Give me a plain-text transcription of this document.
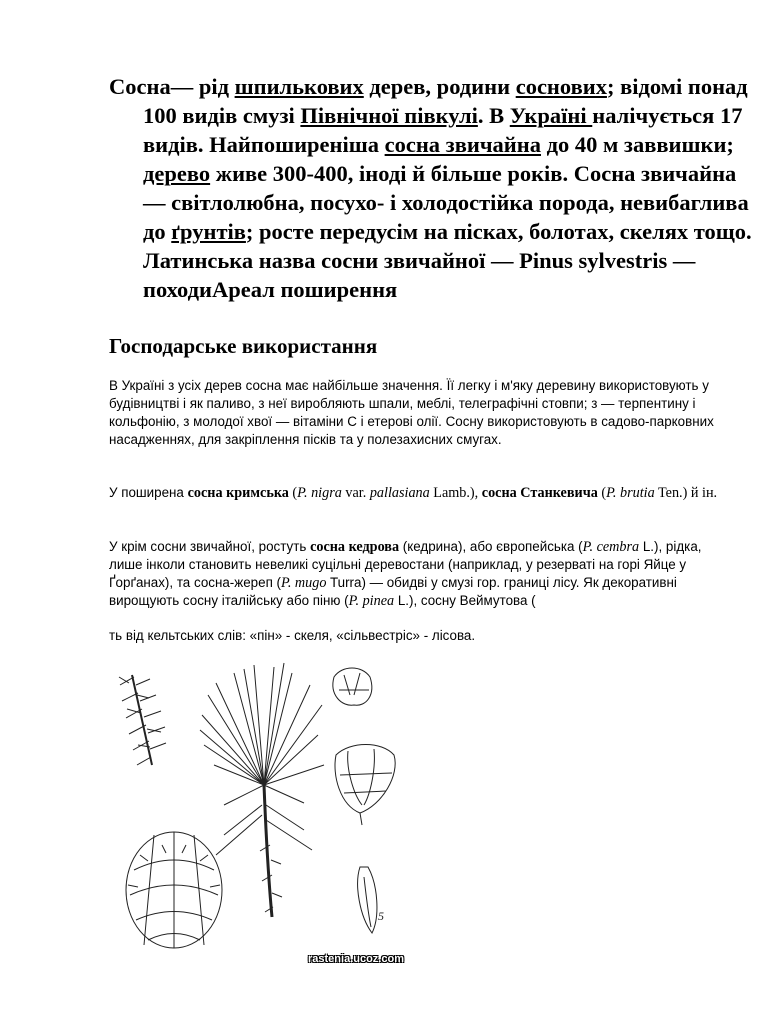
Сосна— рід шпилькових дерев, родини соснових; відомі понад 100 видів смузі Північної півкулі. В Україні налічується 17 видів. Найпоширеніша сосна звичайна до 40 м заввишки; дерево живе 300-400, іноді й більше років. Сосна звичайна — світлолюбна, посухо- і холодостійка порода, невибаглива до ґрунтів; росте передусім на пісках, болотах, скелях тощо. Латинська назва сосни звичайної — Pinus sylvestris — походиАреал поширення

Господарське використання

В Україні з усіх дерев сосна має найбільше значення. Її легку і м'яку деревину використовують у будівництві і як паливо, з неї виробляють шпали, меблі, телеграфічні стовпи; з — терпентину і кольфонію, з молодої хвої — вітаміни С і етерові олії. Сосну використовують в садово-парковних насадженнях, для закріплення пісків та у полезахисних смугах.

У поширена сосна кримська (P. nigra var. pallasiana Lamb.), сосна Станкевича (P. brutia Ten.) й ін.

У крім сосни звичайної, ростуть сосна кедрова (кедрина), або європейська (P. cembra L.), рідка, лише інколи становить невеликі суцільні деревостани (наприклад, у резерваті на горі Яйце у Ґорґанах), та сосна-жереп (P. mugo Turra) — обидві у смузі гор. границі лісу. Як декоративні вирощують сосну італійську або піню (P. pinea L.), сосну Веймутова (

ть від кельтських слів: «пін» - скеля, «сільвестріс» - лісова.

5
rastenia.ucoz.com
